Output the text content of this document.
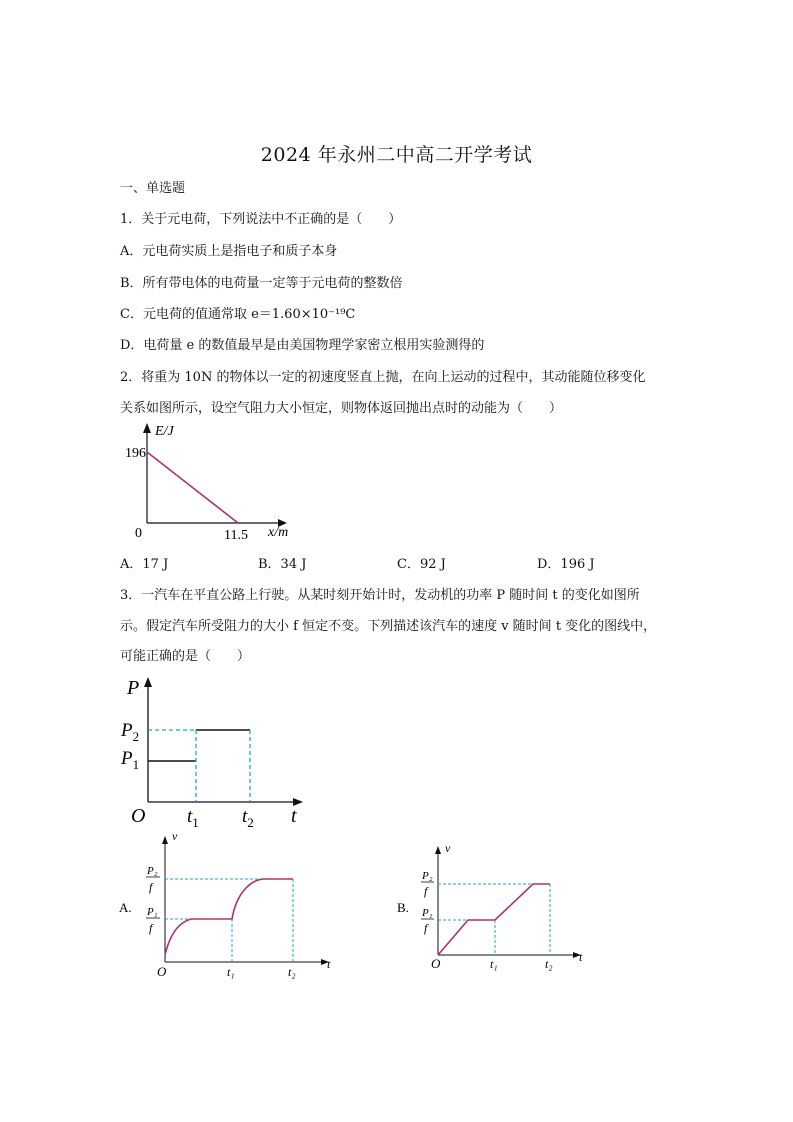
2024 年永州二中高二开学考试
一、单选题
1．关于元电荷，下列说法中不正确的是（　　）
A．元电荷实质上是指电子和质子本身
B．所有带电体的电荷量一定等于元电荷的整数倍
C．元电荷的值通常取 e＝1.60×10⁻¹⁹C
D．电荷量 e 的数值最早是由美国物理学家密立根用实验测得的
2．将重为 10N 的物体以一定的初速度竖直上抛，在向上运动的过程中，其动能随位移变化
关系如图所示，设空气阻力大小恒定，则物体返回抛出点时的动能为（　　）
E/J
196
0	11.5 x/m
A．17 J	B．34 J	C．92 J	D．196 J
3．一汽车在平直公路上行驶。从某时刻开始计时，发动机的功率 P 随时间 t 的变化如图所
示。假定汽车所受阻力的大小 f 恒定不变。下列描述该汽车的速度 v 随时间 t 变化的图线中，
可能正确的是（　　）
P
$P_2$
$P_1$
O $t_1$ $t_2$ t
A.
v
P₂
f
P₁
f
O	t₁	t₂
t
B.
v
P₂
f
P₁
f
O	t₁	t₂ t
